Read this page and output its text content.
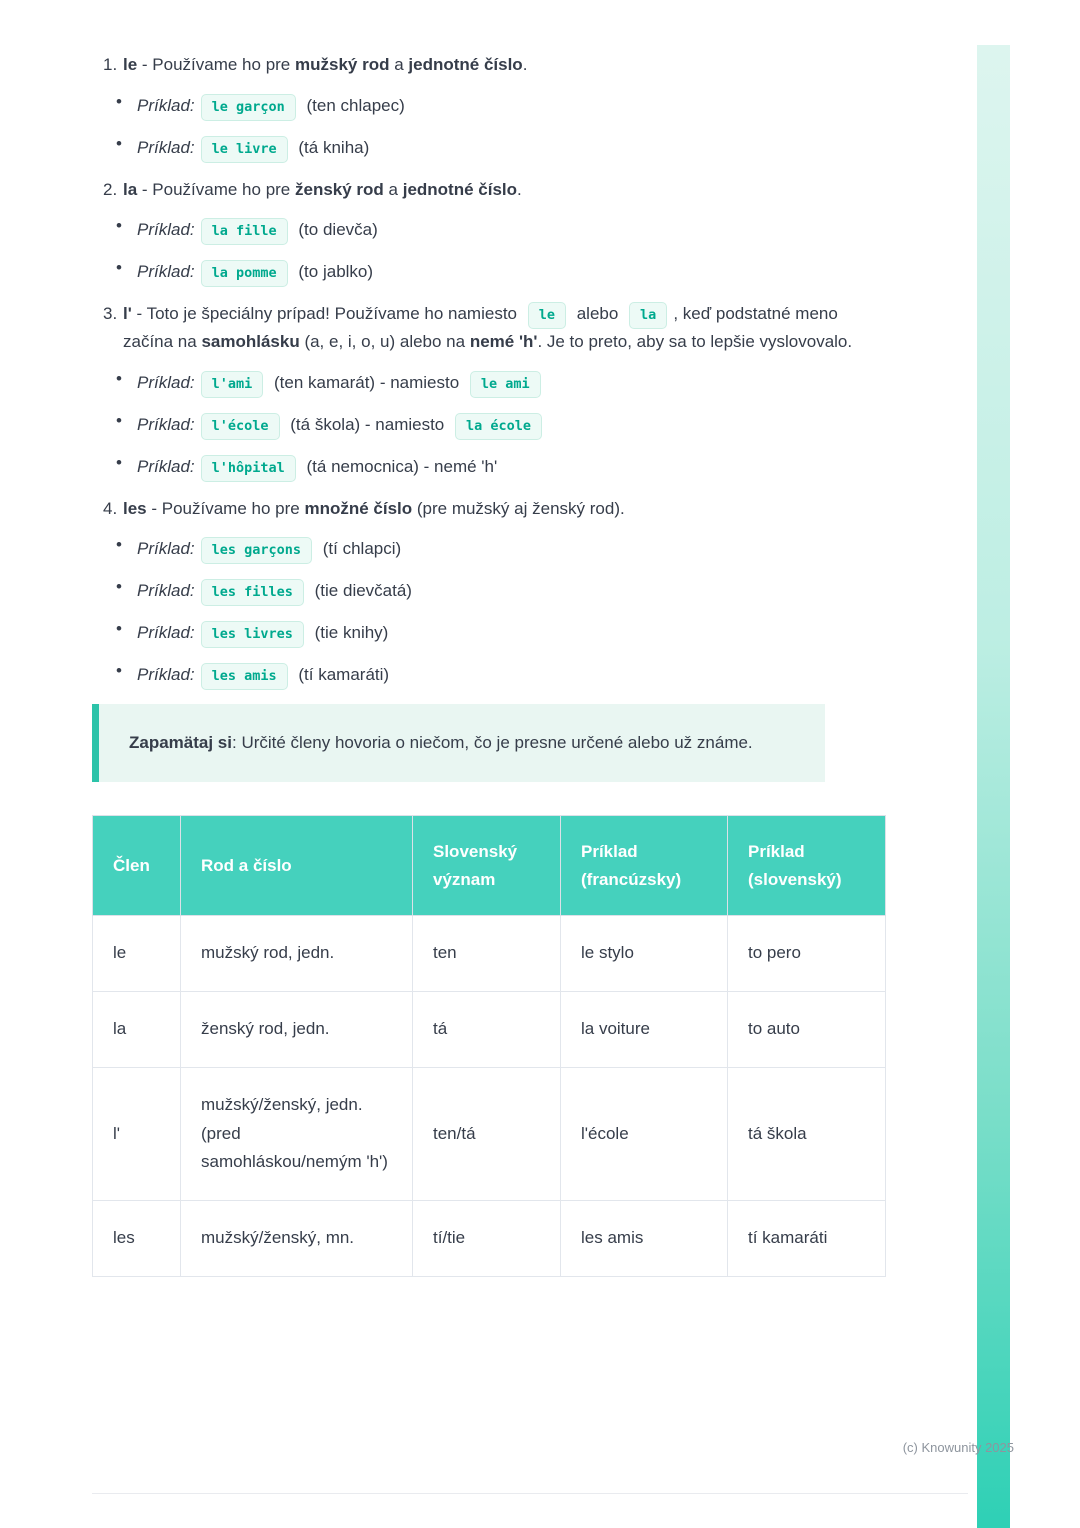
1. le - Používame ho pre mužský rod a jednotné číslo.
• Príklad: le garçon (ten chlapec)
• Príklad: le livre (tá kniha)
2. la - Používame ho pre ženský rod a jednotné číslo.
• Príklad: la fille (to dievča)
• Príklad: la pomme (to jablko)
3. l' - Toto je špeciálny prípad! Používame ho namiesto le alebo la , keď podstatné meno začína na samohlásku (a, e, i, o, u) alebo na nemé 'h'. Je to preto, aby sa to lepšie vyslovovalo.
• Príklad: l'ami (ten kamarát) - namiesto le ami
• Príklad: l'école (tá škola) - namiesto la école
• Príklad: l'hôpital (tá nemocnica) - nemé 'h'
4. les - Používame ho pre množné číslo (pre mužský aj ženský rod).
• Príklad: les garçons (tí chlapci)
• Príklad: les filles (tie dievčatá)
• Príklad: les livres (tie knihy)
• Príklad: les amis (tí kamaráti)
Zapamätaj si: Určité členy hovoria o niečom, čo je presne určené alebo už známe.
Člen	Rod a číslo	Slovenský význam	Príklad (francúzsky)	Príklad (slovenský)
le	mužský rod, jedn.	ten	le stylo	to pero
la	ženský rod, jedn.	tá	la voiture	to auto
l'	mužský/ženský, jedn. (pred samohláskou/nemým 'h')	ten/tá	l'école	tá škola
les	mužský/ženský, mn.	tí/tie	les amis	tí kamaráti
(c) Knowunity 2025
